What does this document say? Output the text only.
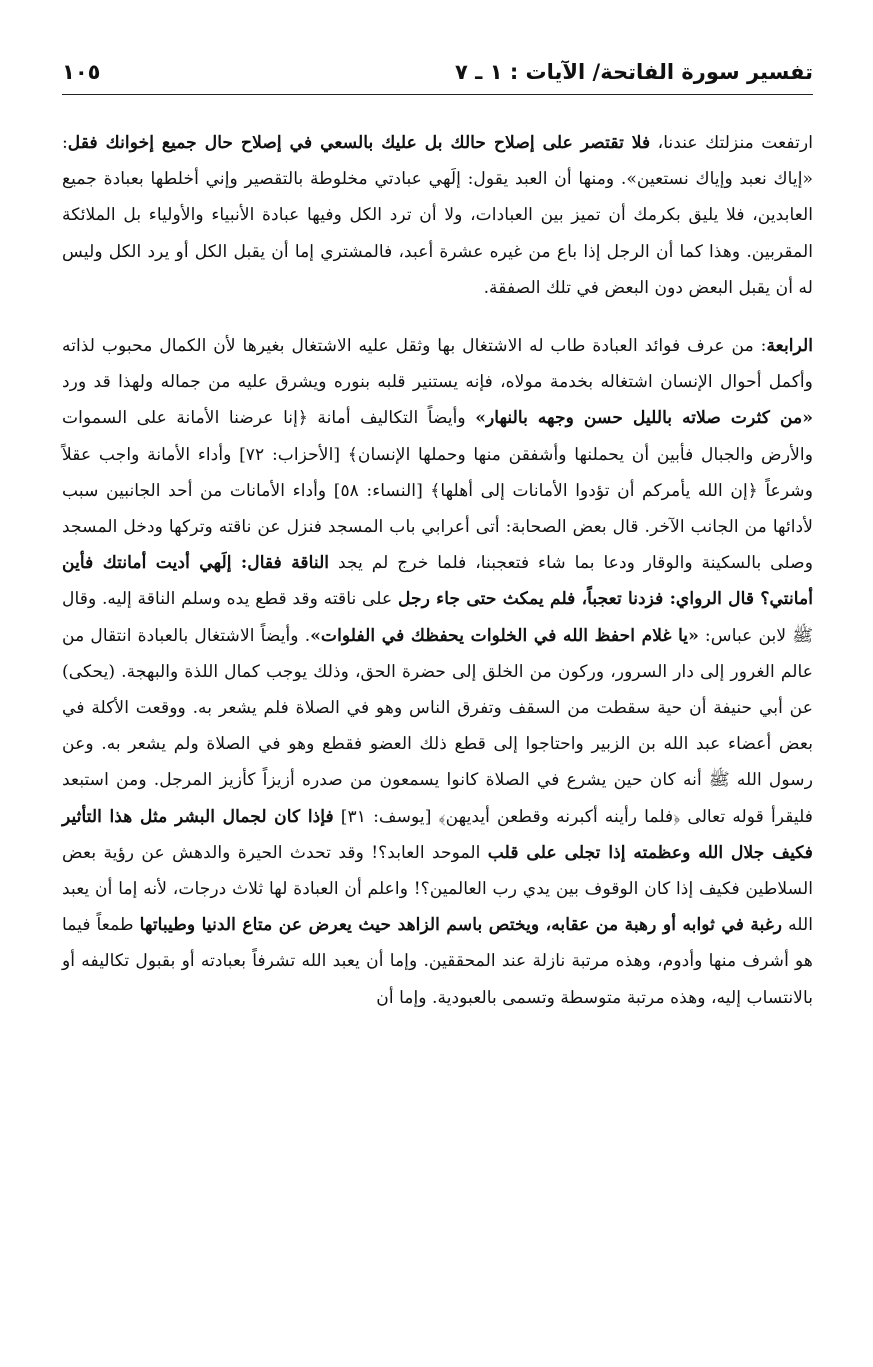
تفسير سورة الفاتحة/ الآيات : ١ ـ ٧
١٠٥

ارتفعت منزلتك عندنا، فلا تقتصر على إصلاح حالك بل عليك بالسعي في إصلاح حال جميع إخوانك فقل: «إياك نعبد وإياك نستعين». ومنها أن العبد يقول: إلَهي عبادتي مخلوطة بالتقصير وإني أخلطها بعبادة جميع العابدين، فلا يليق بكرمك أن تميز بين العبادات، ولا أن ترد الكل وفيها عبادة الأنبياء والأولياء بل الملائكة المقربين. وهذا كما أن الرجل إذا باع من غيره عشرة أعبد، فالمشتري إما أن يقبل الكل أو يرد الكل وليس له أن يقبل البعض دون البعض في تلك الصفقة.

الرابعة: من عرف فوائد العبادة طاب له الاشتغال بها وثقل عليه الاشتغال بغيرها لأن الكمال محبوب لذاته وأكمل أحوال الإنسان اشتغاله بخدمة مولاه، فإنه يستنير قلبه بنوره ويشرق عليه من جماله ولهذا قد ورد «من كثرت صلاته بالليل حسن وجهه بالنهار» وأيضاً التكاليف أمانة ﴿إنا عرضنا الأمانة على السموات والأرض والجبال فأبين أن يحملنها وأشفقن منها وحملها الإنسان﴾ [الأحزاب: ٧٢] وأداء الأمانة واجب عقلاً وشرعاً ﴿إن الله يأمركم أن تؤدوا الأمانات إلى أهلها﴾ [النساء: ٥٨] وأداء الأمانات من أحد الجانبين سبب لأدائها من الجانب الآخر. قال بعض الصحابة: أتى أعرابي باب المسجد فنزل عن ناقته وتركها ودخل المسجد وصلى بالسكينة والوقار ودعا بما شاء فتعجبنا، فلما خرج لم يجد الناقة فقال: إلَهي أديت أمانتك فأين أمانتي؟ قال الرواي: فزدنا تعجباً، فلم يمكث حتى جاء رجل على ناقته وقد قطع يده وسلم الناقة إليه. وقال ﷺ لابن عباس: «يا غلام احفظ الله في الخلوات يحفظك في الفلوات». وأيضاً الاشتغال بالعبادة انتقال من عالم الغرور إلى دار السرور، وركون من الخلق إلى حضرة الحق، وذلك يوجب كمال اللذة والبهجة. (يحكى) عن أبي حنيفة أن حية سقطت من السقف وتفرق الناس وهو في الصلاة فلم يشعر به. ووقعت الأكلة في بعض أعضاء عبد الله بن الزبير واحتاجوا إلى قطع ذلك العضو فقطع وهو في الصلاة ولم يشعر به. وعن رسول الله ﷺ أنه كان حين يشرع في الصلاة كانوا يسمعون من صدره أزيزاً كأزيز المرجل. ومن استبعد فليقرأ قوله تعالى ﴿فلما رأينه أكبرنه وقطعن أيديهن﴾ [يوسف: ٣١] فإذا كان لجمال البشر مثل هذا التأثير فكيف جلال الله وعظمته إذا تجلى على قلب الموحد العابد؟! وقد تحدث الحيرة والدهش عن رؤية بعض السلاطين فكيف إذا كان الوقوف بين يدي رب العالمين؟! واعلم أن العبادة لها ثلاث درجات، لأنه إما أن يعبد الله رغبة في ثوابه أو رهبة من عقابه، ويختص باسم الزاهد حيث يعرض عن متاع الدنيا وطيباتها طمعاً فيما هو أشرف منها وأدوم، وهذه مرتبة نازلة عند المحققين. وإما أن يعبد الله تشرفاً بعبادته أو بقبول تكاليفه أو بالانتساب إليه، وهذه مرتبة متوسطة وتسمى بالعبودية. وإما أن
